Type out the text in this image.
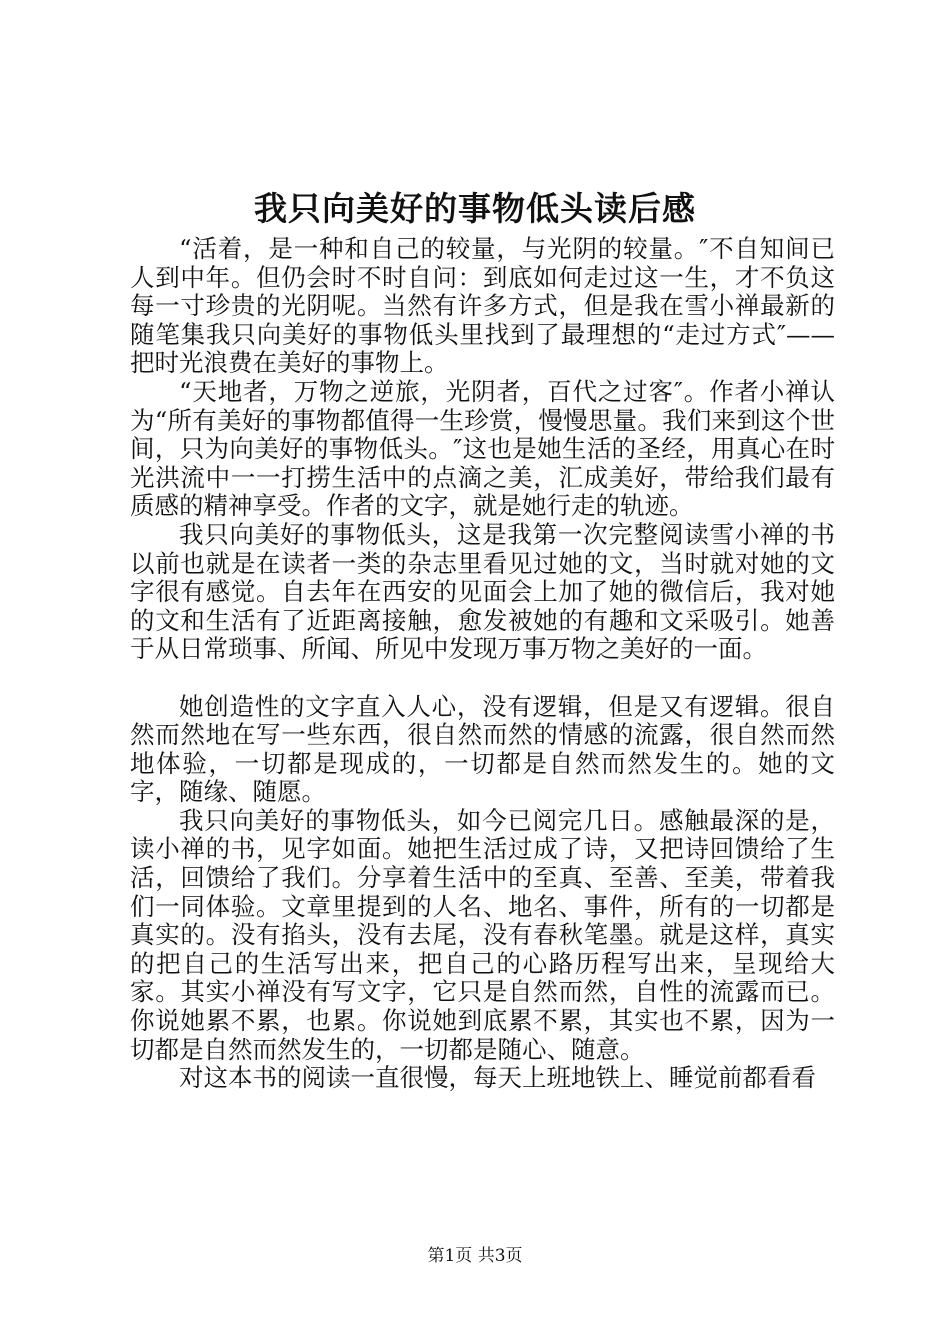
我只向美好的事物低头读后感

“活着，是一种和自己的较量，与光阴的较量。″不自知间已人到中年。但仍会时不时自问：到底如何走过这一生，才不负这每一寸珍贵的光阴呢。当然有许多方式，但是我在雪小禅最新的随笔集我只向美好的事物低头里找到了最理想的“走过方式″——把时光浪费在美好的事物上。

“天地者，万物之逆旅，光阴者，百代之过客″。作者小禅认为“所有美好的事物都值得一生珍赏，慢慢思量。我们来到这个世间，只为向美好的事物低头。″这也是她生活的圣经，用真心在时光洪流中一一打捞生活中的点滴之美，汇成美好，带给我们最有质感的精神享受。作者的文字，就是她行走的轨迹。

我只向美好的事物低头，这是我第一次完整阅读雪小禅的书以前也就是在读者一类的杂志里看见过她的文，当时就对她的文字很有感觉。自去年在西安的见面会上加了她的微信后，我对她的文和生活有了近距离接触，愈发被她的有趣和文采吸引。她善于从日常琐事、所闻、所见中发现万事万物之美好的一面。

她创造性的文字直入人心，没有逻辑，但是又有逻辑。很自然而然地在写一些东西，很自然而然的情感的流露，很自然而然地体验，一切都是现成的，一切都是自然而然发生的。她的文字，随缘、随愿。

我只向美好的事物低头，如今已阅完几日。感触最深的是，读小禅的书，见字如面。她把生活过成了诗，又把诗回馈给了生活，回馈给了我们。分享着生活中的至真、至善、至美，带着我们一同体验。文章里提到的人名、地名、事件，所有的一切都是真实的。没有掐头，没有去尾，没有春秋笔墨。就是这样，真实的把自己的生活写出来，把自己的心路历程写出来，呈现给大家。其实小禅没有写文字，它只是自然而然，自性的流露而已。你说她累不累，也累。你说她到底累不累，其实也不累，因为一切都是自然而然发生的，一切都是随心、随意。

对这本书的阅读一直很慢，每天上班地铁上、睡觉前都看看

第1页 共3页
